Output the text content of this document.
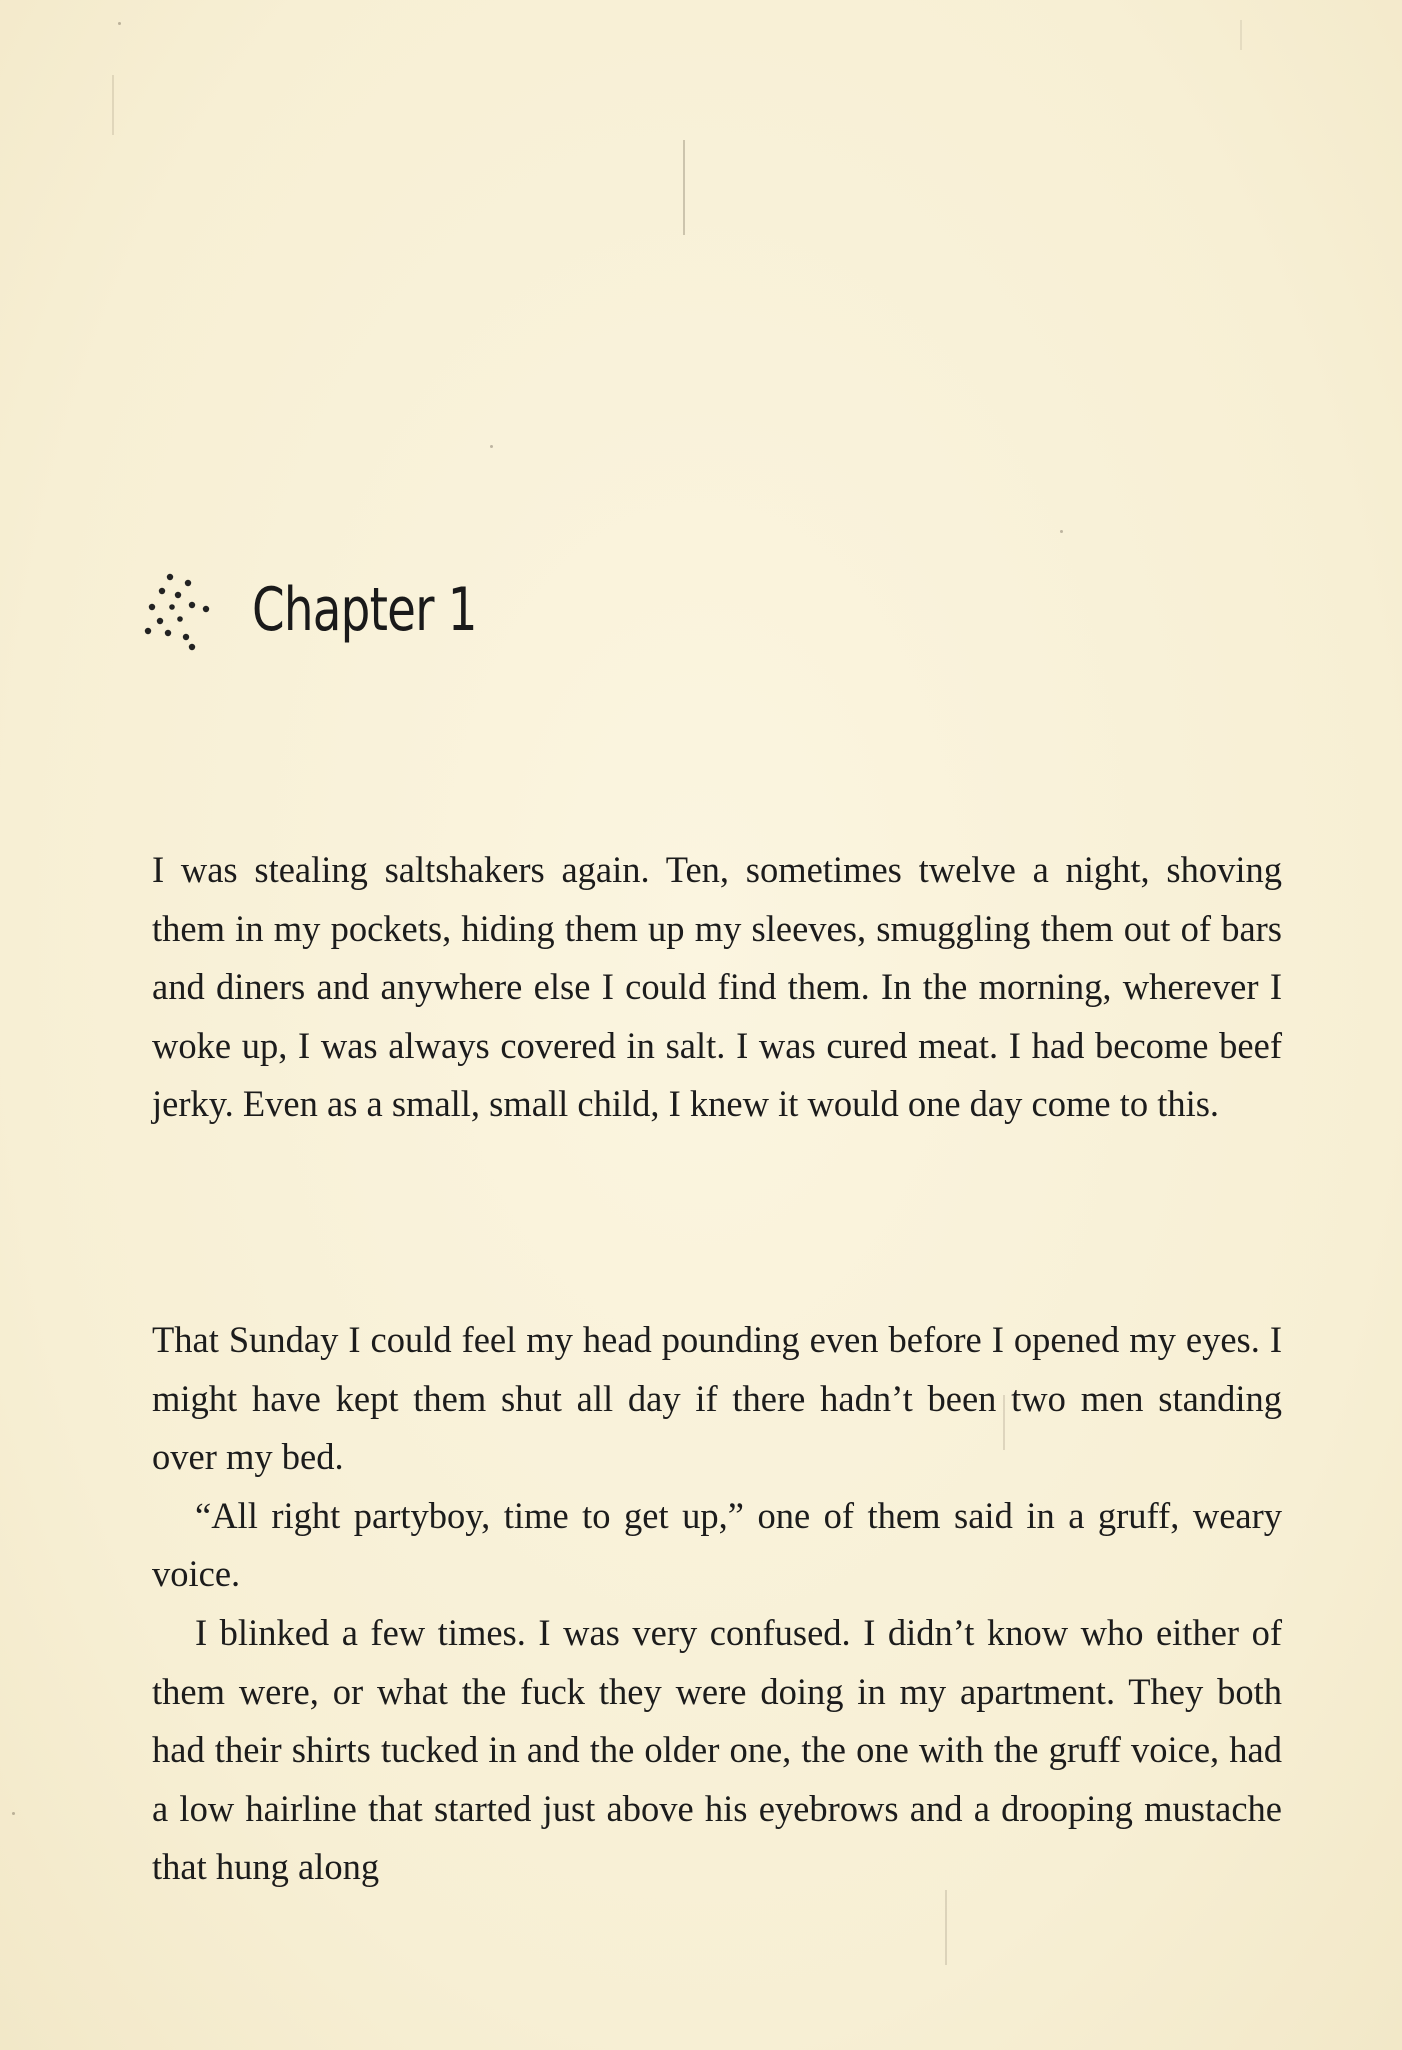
Chapter 1

I was stealing saltshakers again. Ten, sometimes twelve a night, shoving them in my pockets, hiding them up my sleeves, smuggling them out of bars and diners and anywhere else I could find them. In the morning, wherever I woke up, I was always covered in salt. I was cured meat. I had become beef jerky. Even as a small, small child, I knew it would one day come to this.

That Sunday I could feel my head pounding even before I opened my eyes. I might have kept them shut all day if there hadn’t been two men standing over my bed.

“All right partyboy, time to get up,” one of them said in a gruff, weary voice.

I blinked a few times. I was very confused. I didn’t know who either of them were, or what the fuck they were doing in my apartment. They both had their shirts tucked in and the older one, the one with the gruff voice, had a low hairline that started just above his eyebrows and a drooping mustache that hung along
